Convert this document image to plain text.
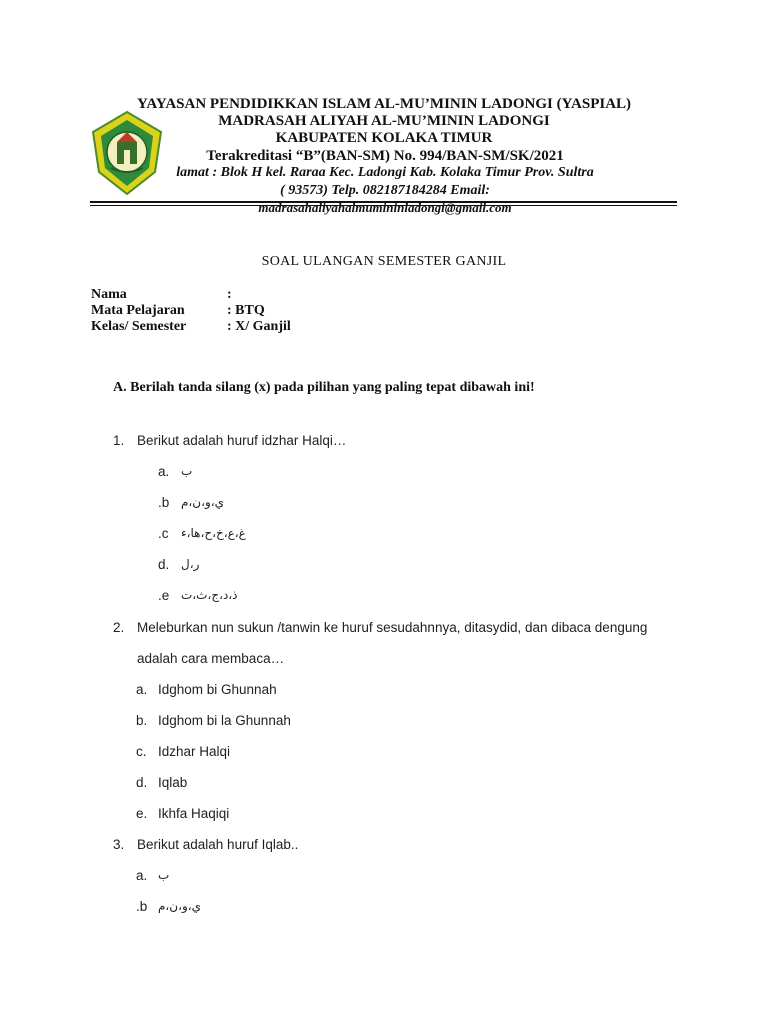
YAYASAN PENDIDIKKAN ISLAM AL-MU’MININ LADONGI (YASPIAL)
MADRASAH ALIYAH AL-MU’MININ LADONGI
KABUPATEN KOLAKA TIMUR
Terakreditasi “B”(BAN-SM) No. 994/BAN-SM/SK/2021
lamat : Blok H kel. Raraa Kec. Ladongi Kab. Kolaka Timur Prov. Sultra
( 93573) Telp. 082187184284 Email:
madrasahaliyahalmumininladongi@gmail.com
SOAL ULANGAN SEMESTER GANJIL
Nama	:
Mata Pelajaran	: BTQ
Kelas/ Semester	: X/ Ganjil
A. Berilah tanda silang (x) pada pilihan yang paling tepat dibawah ini!
1. Berikut adalah huruf idzhar Halqi…
a. ب
.b ي،و،ن،م
.c غ،ع،خ،ح،ها،ء
d. ر،ل
.e ذ،د،ج،ث،ت
2. Meleburkan nun sukun /tanwin ke huruf sesudahnnya, ditasydid, dan dibaca dengung
adalah cara membaca…
a. Idghom bi Ghunnah
b. Idghom bi la Ghunnah
c. Idzhar Halqi
d. Iqlab
e. Ikhfa Haqiqi
3. Berikut adalah huruf Iqlab..
a. ب
.b ي،و،ن،م
